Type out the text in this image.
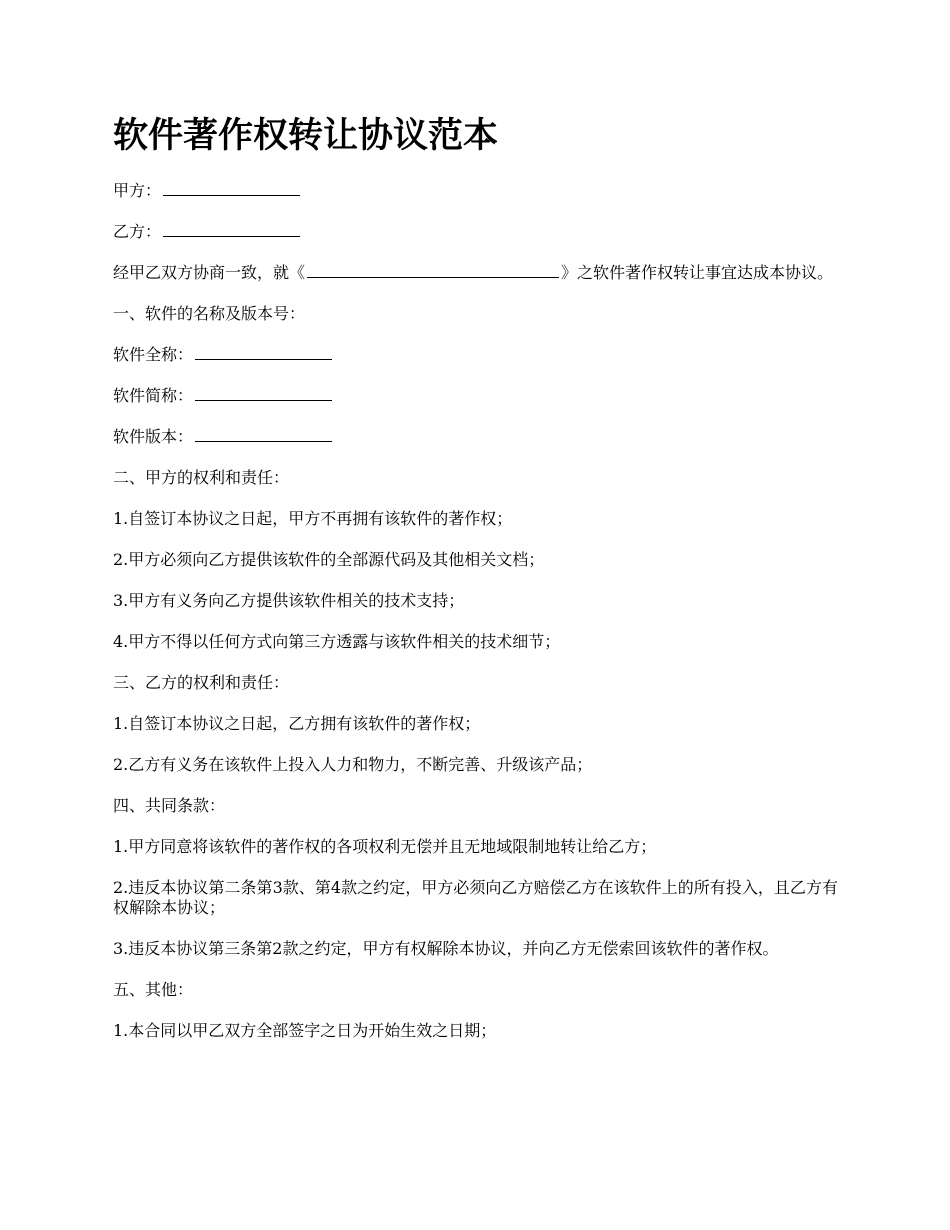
软件著作权转让协议范本

甲方：

乙方：

经甲乙双方协商一致，就《	》之软件著作权转让事宜达成本协议。

一、软件的名称及版本号：

软件全称：

软件简称：

软件版本：

二、甲方的权利和责任：

1.自签订本协议之日起，甲方不再拥有该软件的著作权；

2.甲方必须向乙方提供该软件的全部源代码及其他相关文档；

3.甲方有义务向乙方提供该软件相关的技术支持；

4.甲方不得以任何方式向第三方透露与该软件相关的技术细节；

三、乙方的权利和责任：

1.自签订本协议之日起，乙方拥有该软件的著作权；

2.乙方有义务在该软件上投入人力和物力，不断完善、升级该产品；

四、共同条款：

1.甲方同意将该软件的著作权的各项权利无偿并且无地域限制地转让给乙方；

2.违反本协议第二条第3款、第4款之约定，甲方必须向乙方赔偿乙方在该软件上的所有投入，且乙方有权解除本协议；

3.违反本协议第三条第2款之约定，甲方有权解除本协议，并向乙方无偿索回该软件的著作权。

五、其他：

1.本合同以甲乙双方全部签字之日为开始生效之日期；
